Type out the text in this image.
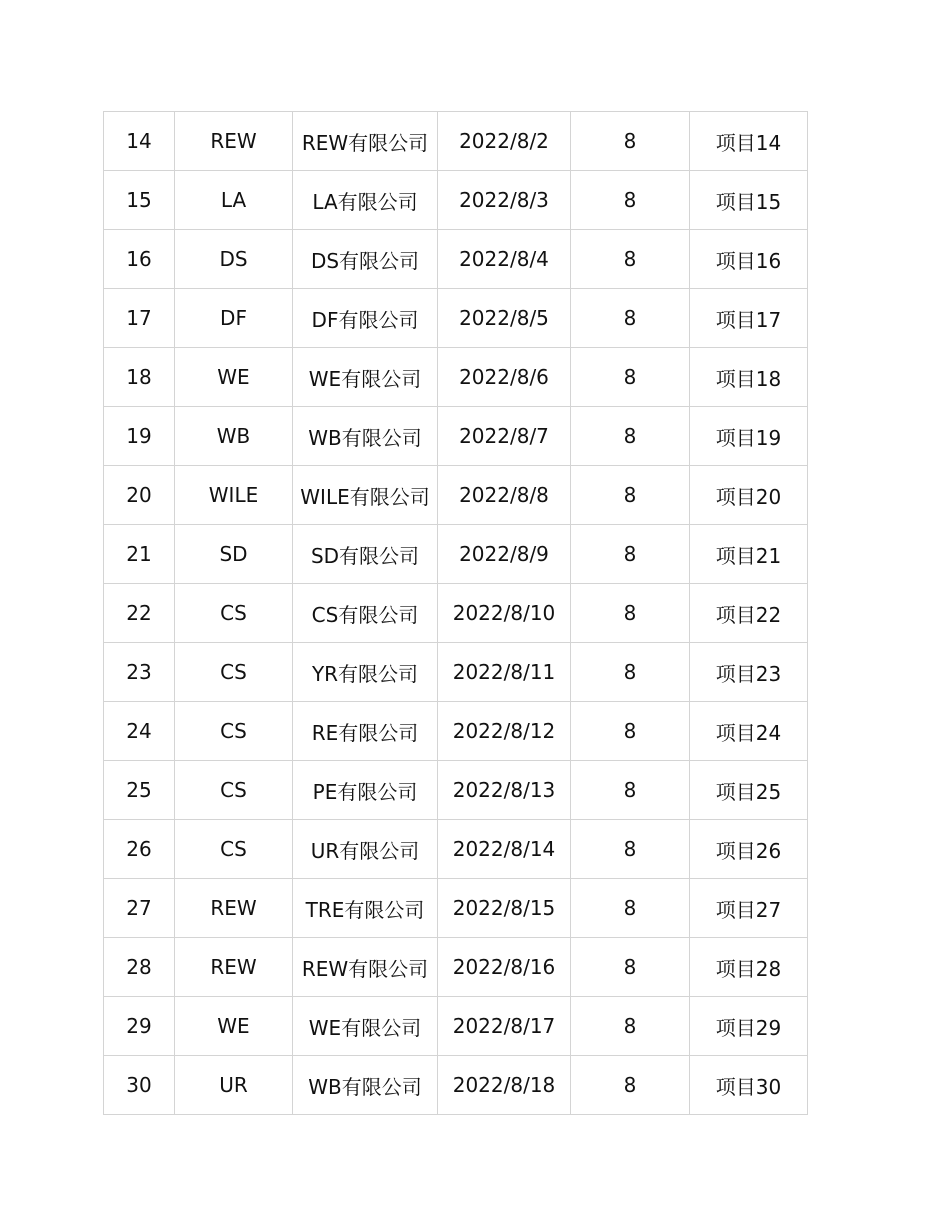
14	REW	REW有限公司	2022/8/2	8	项目14
15	LA	LA有限公司	2022/8/3	8	项目15
16	DS	DS有限公司	2022/8/4	8	项目16
17	DF	DF有限公司	2022/8/5	8	项目17
18	WE	WE有限公司	2022/8/6	8	项目18
19	WB	WB有限公司	2022/8/7	8	项目19
20	WILE	WILE有限公司	2022/8/8	8	项目20
21	SD	SD有限公司	2022/8/9	8	项目21
22	CS	CS有限公司	2022/8/10	8	项目22
23	CS	YR有限公司	2022/8/11	8	项目23
24	CS	RE有限公司	2022/8/12	8	项目24
25	CS	PE有限公司	2022/8/13	8	项目25
26	CS	UR有限公司	2022/8/14	8	项目26
27	REW	TRE有限公司	2022/8/15	8	项目27
28	REW	REW有限公司	2022/8/16	8	项目28
29	WE	WE有限公司	2022/8/17	8	项目29
30	UR	WB有限公司	2022/8/18	8	项目30
